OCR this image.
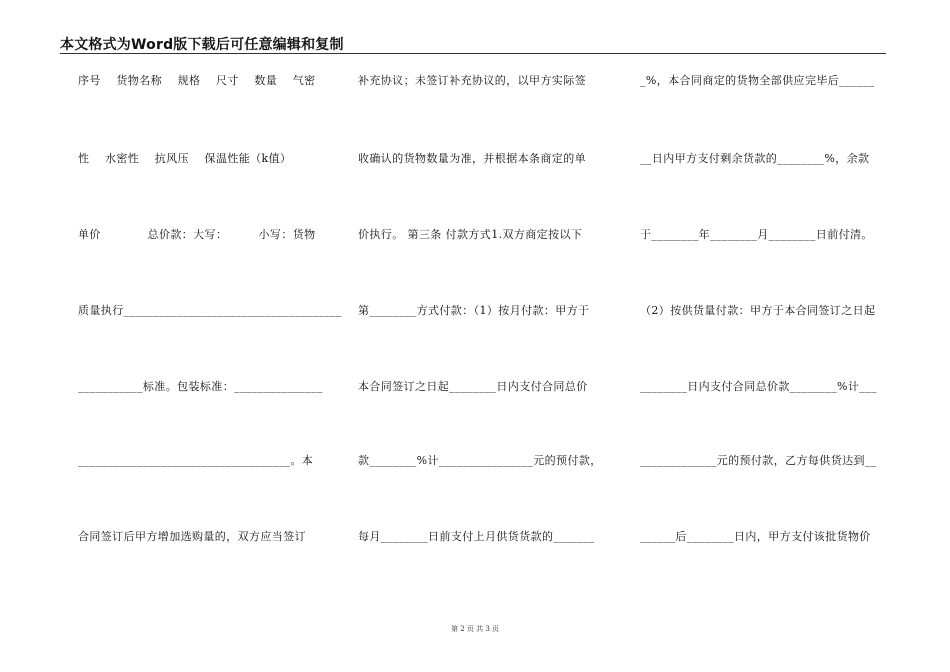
本文格式为Word版下载后可任意编辑和复制
序号    货物名称    规格    尺寸    数量    气密
性    水密性    抗风压    保温性能（k值）
单价            总价款：大写：        小写：货物
质量执行_____________________________________
___________标准。包装标准：_______________
____________________________________。本
合同签订后甲方增加选购量的，双方应当签订
补充协议；未签订补充协议的，以甲方实际签
收确认的货物数量为准，并根据本条商定的单
价执行。 第三条 付款方式1.双方商定按以下
第________方式付款：（1）按月付款：甲方于
本合同签订之日起________日内支付合同总价
款________%计________________元的预付款，
每月________日前支付上月供货货款的_______
_%，本合同商定的货物全部供应完毕后______
__日内甲方支付剩余货款的________%，余款
于________年________月________日前付清。
（2）按供货量付款：甲方于本合同签订之日起
________日内支付合同总价款________%计___
_____________元的预付款，乙方每供货达到__
______后________日内，甲方支付该批货物价
第 2 页 共 3 页
